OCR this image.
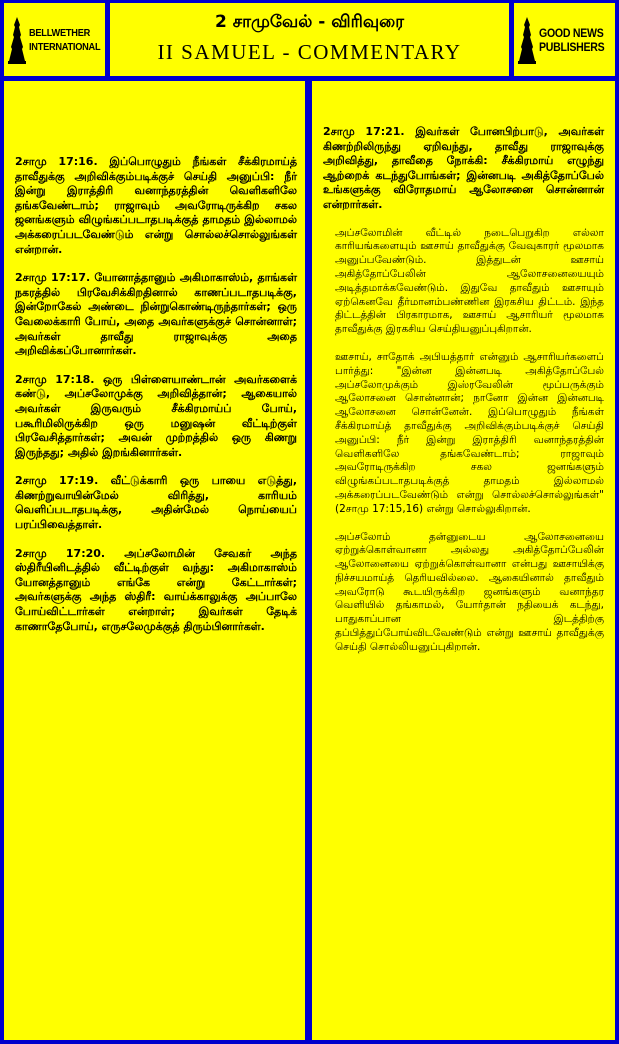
BELLWETHER
INTERNATIONAL
2 சாமுவேல் - விரிவுரை
II SAMUEL - COMMENTARY
GOOD NEWS
PUBLISHERS

2சாமு 17:16. இப்பொழுதும் நீங்கள் சீக்கிரமாய்த் தாவீதுக்கு அறிவிக்கும்படிக்குச் செய்தி அனுப்பி: நீர் இன்று இராத்திரி வனாந்தரத்தின் வெளிகளிலே தங்கவேண்டாம்; ராஜாவும் அவரோடிருக்கிற சகல ஜனங்களும் விழுங்கப்படாதபடிக்குத் தாமதம் இல்லாமல் அக்கரைப்படவேண்டும் என்று சொல்லச்சொல்லுங்கள் என்றான்.

2சாமு 17:17. யோனாத்தானும் அகிமாகாஸ்ம், தாங்கள் நகரத்தில் பிரவேசிக்கிறதினால் காணப்படாதபடிக்கு, இன்றோகேல் அண்டை நின்றுகொண்டிருந்தார்கள்; ஒரு வேலைக்காரி போய், அதை அவர்களுக்குச் சொன்னாள்; அவர்கள் தாவீது ராஜாவுக்கு அதை அறிவிக்கப்போனார்கள்.

2சாமு 17:18. ஒரு பிள்ளையாண்டான் அவர்களைக் கண்டு, அப்சலோமுக்கு அறிவித்தான்; ஆகையால் அவர்கள் இருவரும் சீக்கிரமாய்ப் போய், பகூரிமிலிருக்கிற ஒரு மனுஷன் வீட்டிற்குள் பிரவேசித்தார்கள்; அவன் முற்றத்தில் ஒரு கிணறு இருந்தது; அதில் இறங்கினார்கள்.

2சாமு 17:19. வீட்டுக்காரி ஒரு பாயை எடுத்து, கிணற்றுவாயின்மேல் விரித்து, காரியம் வெளிப்படாதபடிக்கு, அதின்மேல் நொய்யைப் பரப்பிவைத்தாள்.

2சாமு 17:20. அப்சலோமின் சேவகர் அந்த ஸ்திரீயினிடத்தில் வீட்டிற்குள் வந்து: அகிமாகாஸ்ம் யோனத்தானும் எங்கே என்று கேட்டார்கள்; அவர்களுக்கு அந்த ஸ்திரீ: வாய்க்காலுக்கு அப்பாலே போய்விட்டார்கள் என்றாள்; இவர்கள் தேடிக் காணாதேபோய், எருசலேமுக்குத் திரும்பினார்கள்.

2சாமு 17:21. இவர்கள் போனபிற்பாடு, அவர்கள் கிணற்றிலிருந்து ஏறிவந்து, தாவீது ராஜாவுக்கு அறிவித்து, தாவீதை நோக்கி: சீக்கிரமாய் எழுந்து ஆற்றைக் கடந்துபோங்கள்; இன்னபடி அகித்தோப்பேல் உங்களுக்கு விரோதமாய் ஆலோசனை சொன்னான் என்றார்கள்.

அப்சலோமின் வீட்டில் நடைபெறுகிற எல்லா காரியங்களையும் ஊசாய் தாவீதுக்கு வேவுகாரர் மூலமாக அனுப்பவேண்டும். இத்துடன் ஊசாய் அகித்தோப்பேலின் ஆலோசனையையும் அடித்தமாக்கவேண்டும். இதுவே தாவீதும் ஊசாயும் ஏற்கெனவே தீர்மானம்பண்ணின இரகசிய திட்டம். இந்த திட்டத்தின் பிரகாரமாக, ஊசாய் ஆசாரியர் மூலமாக தாவீதுக்கு இரகசிய செய்தியனுப்புகிறான்.

ஊசாய், சாதோக் அபியத்தார் என்னும் ஆசாரியர்களைப் பார்த்து: "இன்ன இன்னபடி அகித்தோப்பேல் அப்சலோமுக்கும் இஸ்ரவேலின் மூப்பருக்கும் ஆலோசனை சொன்னான்; நானோ இன்ன இன்னபடி ஆலோசனை சொன்னேன். இப்பொழுதும் நீங்கள் சீக்கிரமாய்த் தாவீதுக்கு அறிவிக்கும்படிக்குச் செய்தி அனுப்பி: நீர் இன்று இராத்திரி வனாந்தரத்தின் வெளிகளிலே தங்கவேண்டாம்; ராஜாவும் அவரோடிருக்கிற சகல ஜனங்களும் விழுங்கப்படாதபடிக்குத் தாமதம் இல்லாமல் அக்கரைப்படவேண்டும் என்று சொல்லச்சொல்லுங்கள்" (2சாமு 17:15,16) என்று சொல்லுகிறான்.

அப்சலோம் தன்னுடைய ஆலோசனையை ஏற்றுக்கொள்வானா அல்லது அகித்தோப்பேலின் ஆலோனையை ஏற்றுக்கொள்வானா என்பது ஊசாயிக்கு நிச்சயமாய்த் தெரியவில்லை. ஆகையினால் தாவீதும் அவரோடு கூடயிருக்கிற ஜனங்களும் வனாந்தர வெளியில் தங்காமல், யோர்தான் நதியைக் கடந்து, பாதுகாப்பான இடத்திற்கு தப்பித்துப்போய்விடவேண்டும் என்று ஊசாய் தாவீதுக்கு செய்தி சொல்லியனுப்புகிறான்.
